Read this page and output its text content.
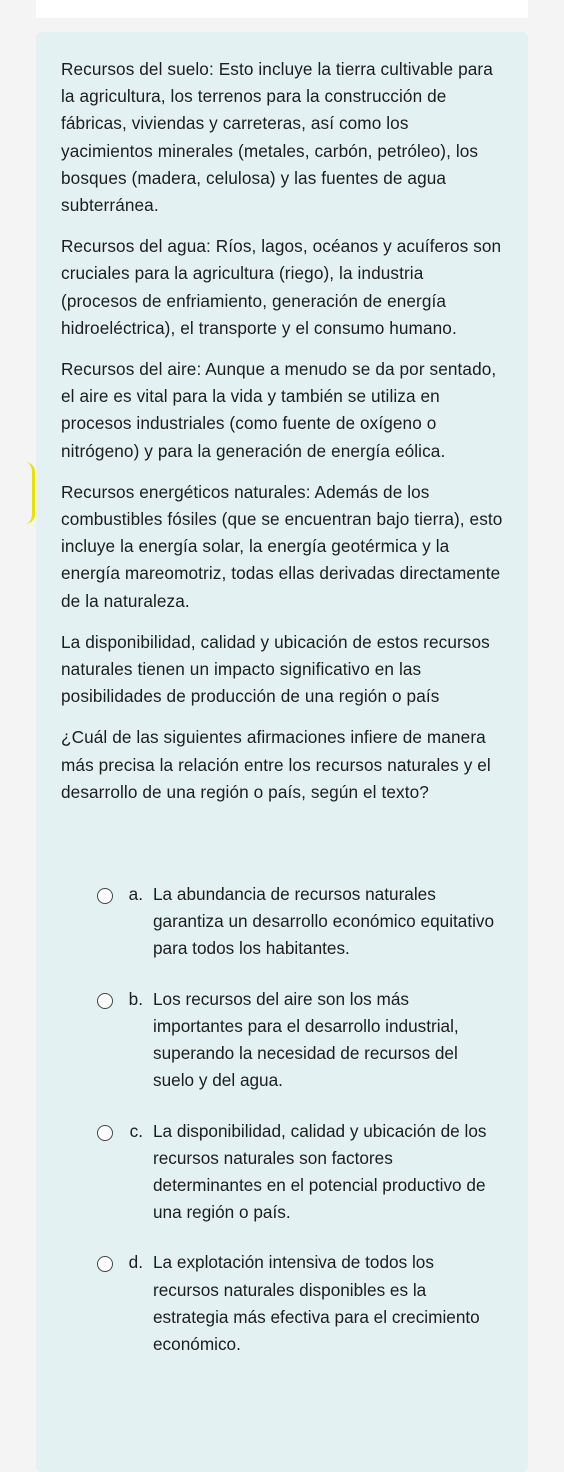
Recursos del suelo: Esto incluye la tierra cultivable para la agricultura, los terrenos para la construcción de fábricas, viviendas y carreteras, así como los yacimientos minerales (metales, carbón, petróleo), los bosques (madera, celulosa) y las fuentes de agua subterránea.

Recursos del agua: Ríos, lagos, océanos y acuíferos son cruciales para la agricultura (riego), la industria (procesos de enfriamiento, generación de energía hidroeléctrica), el transporte y el consumo humano.

Recursos del aire: Aunque a menudo se da por sentado, el aire es vital para la vida y también se utiliza en procesos industriales (como fuente de oxígeno o nitrógeno) y para la generación de energía eólica.

Recursos energéticos naturales: Además de los combustibles fósiles (que se encuentran bajo tierra), esto incluye la energía solar, la energía geotérmica y la energía mareomotriz, todas ellas derivadas directamente de la naturaleza.

La disponibilidad, calidad y ubicación de estos recursos naturales tienen un impacto significativo en las posibilidades de producción de una región o país

¿Cuál de las siguientes afirmaciones infiere de manera más precisa la relación entre los recursos naturales y el desarrollo de una región o país, según el texto?

a. La abundancia de recursos naturales garantiza un desarrollo económico equitativo para todos los habitantes.
b. Los recursos del aire son los más importantes para el desarrollo industrial, superando la necesidad de recursos del suelo y del agua.
c. La disponibilidad, calidad y ubicación de los recursos naturales son factores determinantes en el potencial productivo de una región o país.
d. La explotación intensiva de todos los recursos naturales disponibles es la estrategia más efectiva para el crecimiento económico.
